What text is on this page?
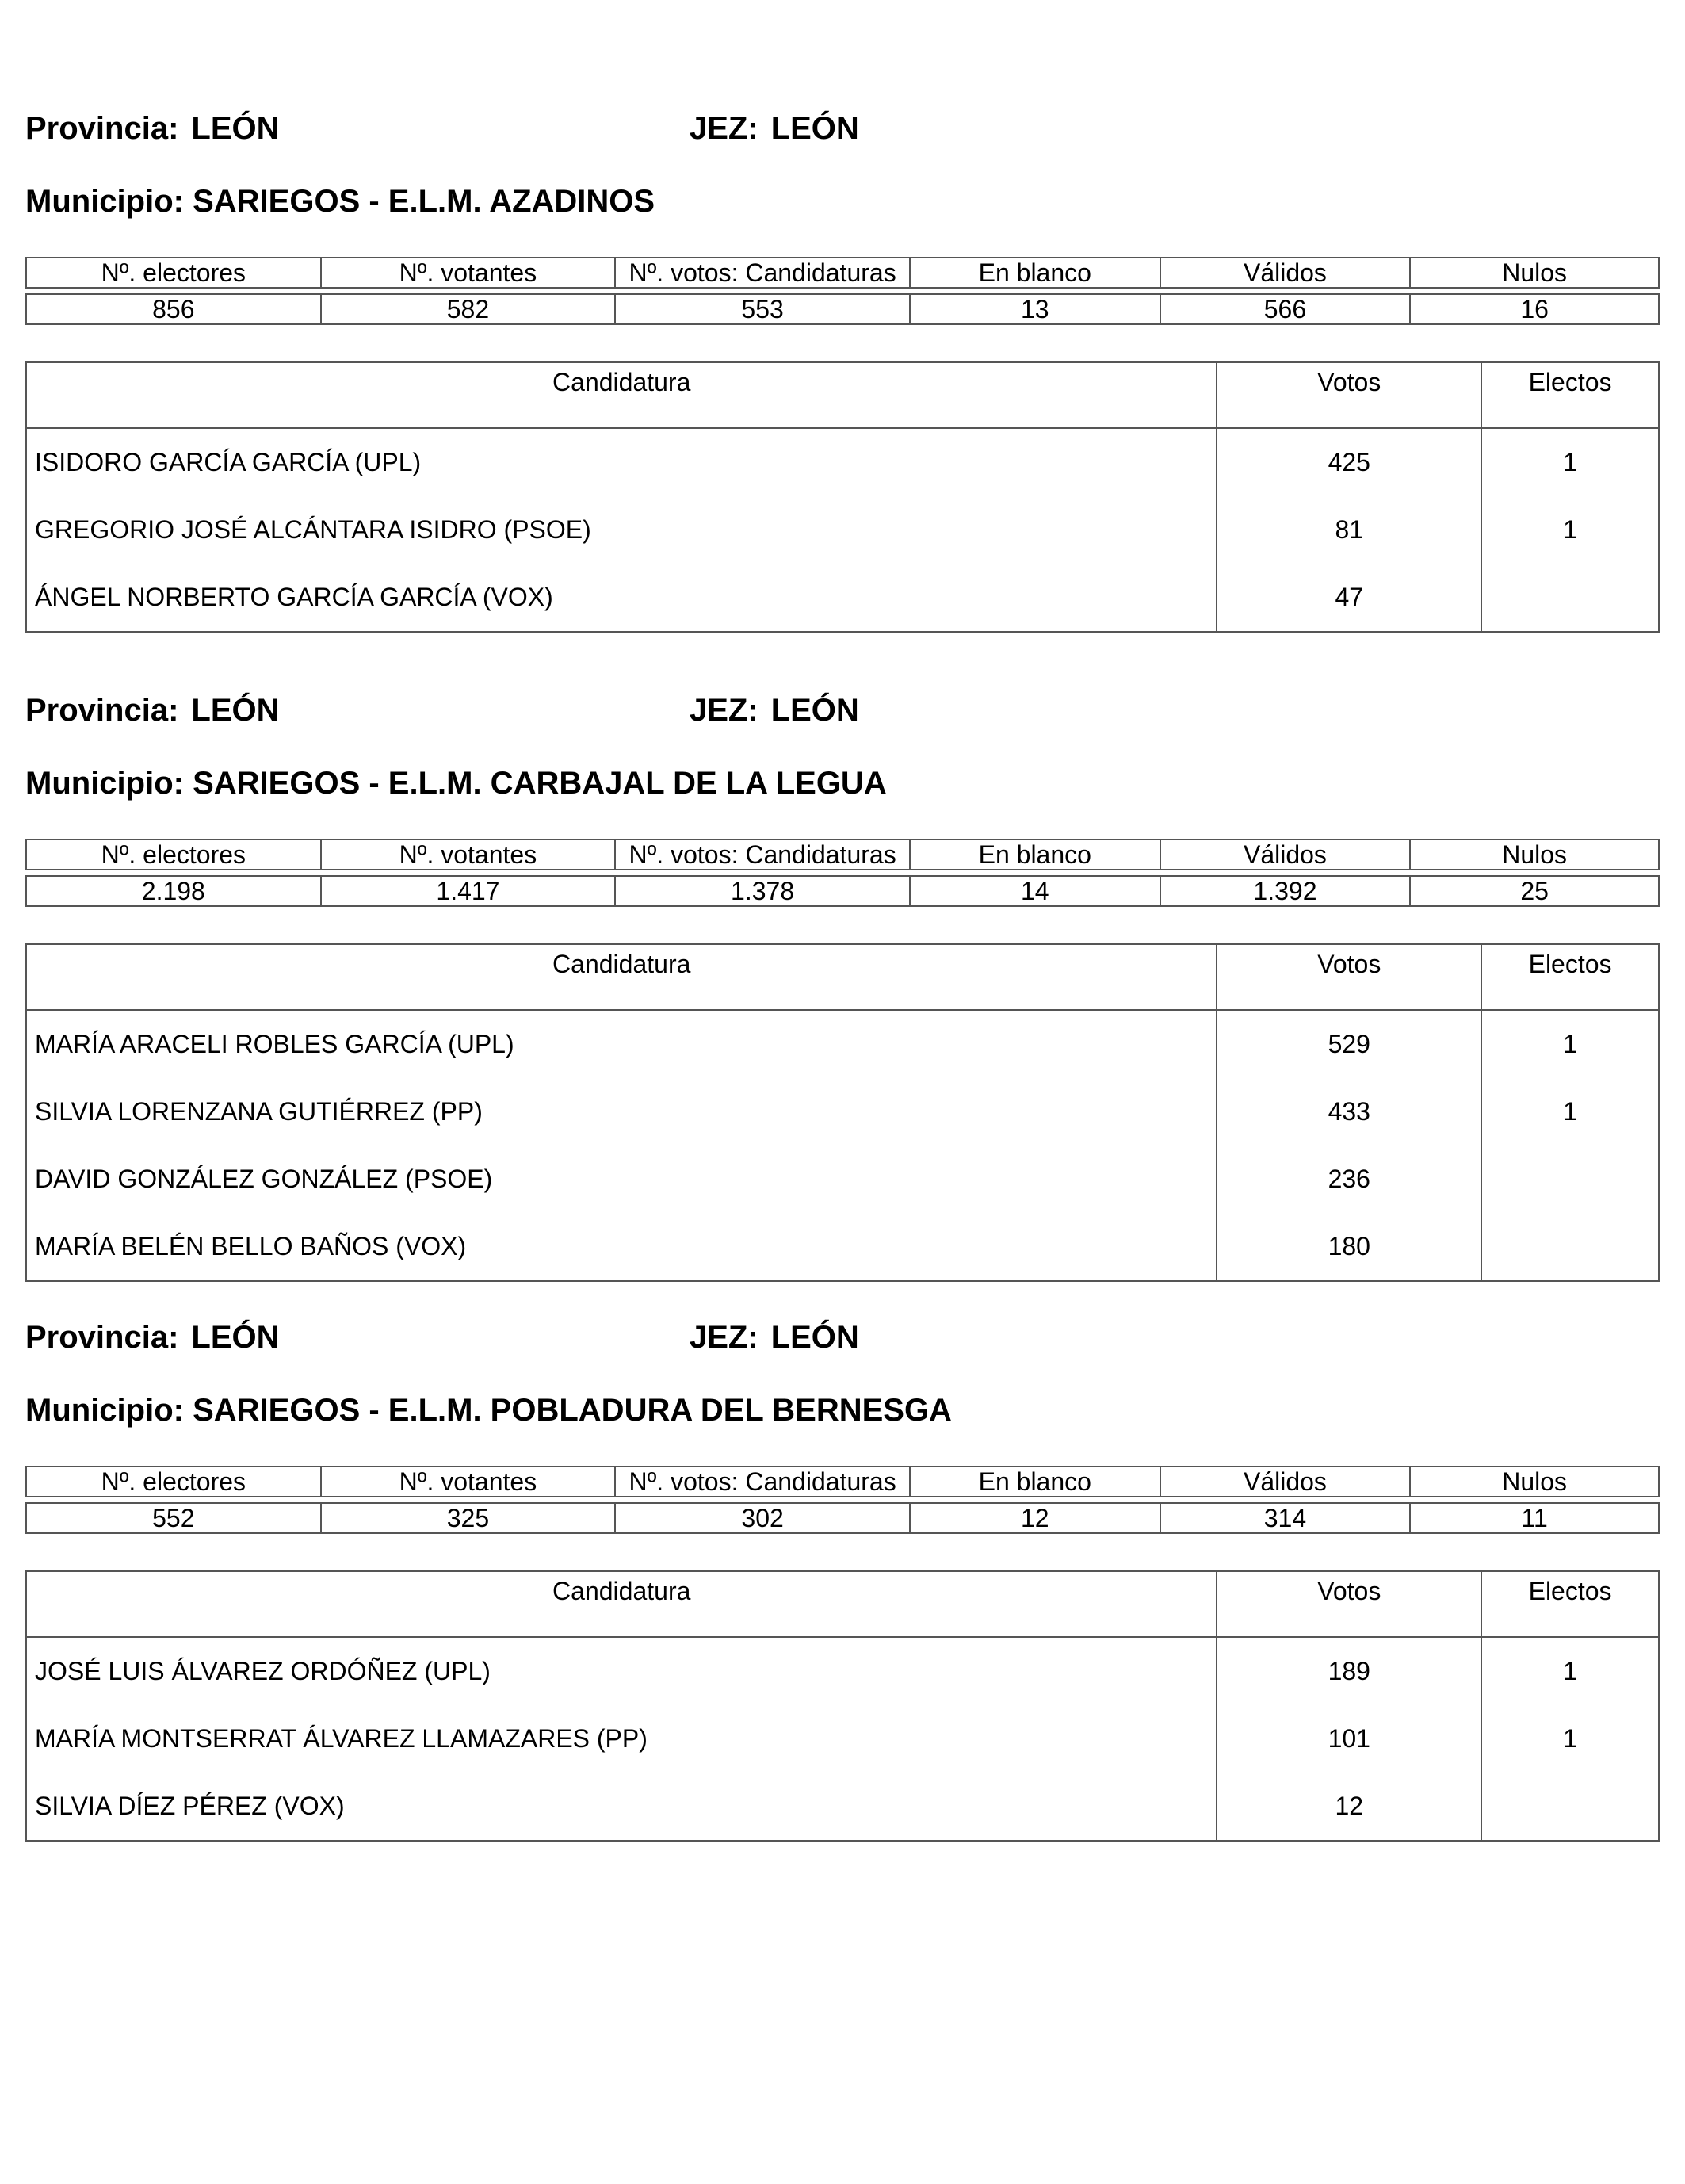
Provincia: LEÓN	JEZ: LEÓN
Municipio: SARIEGOS - E.L.M. AZADINOS
Nº. electores	Nº. votantes	Nº. votos: Candidaturas	En blanco	Válidos	Nulos

856	582	553	13	566	16
Candidatura	Votos	Electos
ISIDORO GARCÍA GARCÍA (UPL)	425	1
GREGORIO JOSÉ ALCÁNTARA ISIDRO (PSOE)	81	1
ÁNGEL NORBERTO GARCÍA GARCÍA (VOX)	47	
Provincia: LEÓN	JEZ: LEÓN
Municipio: SARIEGOS - E.L.M. CARBAJAL DE LA LEGUA
Nº. electores	Nº. votantes	Nº. votos: Candidaturas	En blanco	Válidos	Nulos

2.198	1.417	1.378	14	1.392	25
Candidatura	Votos	Electos
MARÍA ARACELI ROBLES GARCÍA (UPL)	529	1
SILVIA LORENZANA GUTIÉRREZ (PP)	433	1
DAVID GONZÁLEZ GONZÁLEZ (PSOE)	236	
MARÍA BELÉN BELLO BAÑOS (VOX)	180	
Provincia: LEÓN	JEZ: LEÓN
Municipio: SARIEGOS - E.L.M. POBLADURA DEL BERNESGA
Nº. electores	Nº. votantes	Nº. votos: Candidaturas	En blanco	Válidos	Nulos

552	325	302	12	314	11
Candidatura	Votos	Electos
JOSÉ LUIS ÁLVAREZ ORDÓÑEZ (UPL)	189	1
MARÍA MONTSERRAT ÁLVAREZ LLAMAZARES (PP)	101	1
SILVIA DÍEZ PÉREZ (VOX)	12	
